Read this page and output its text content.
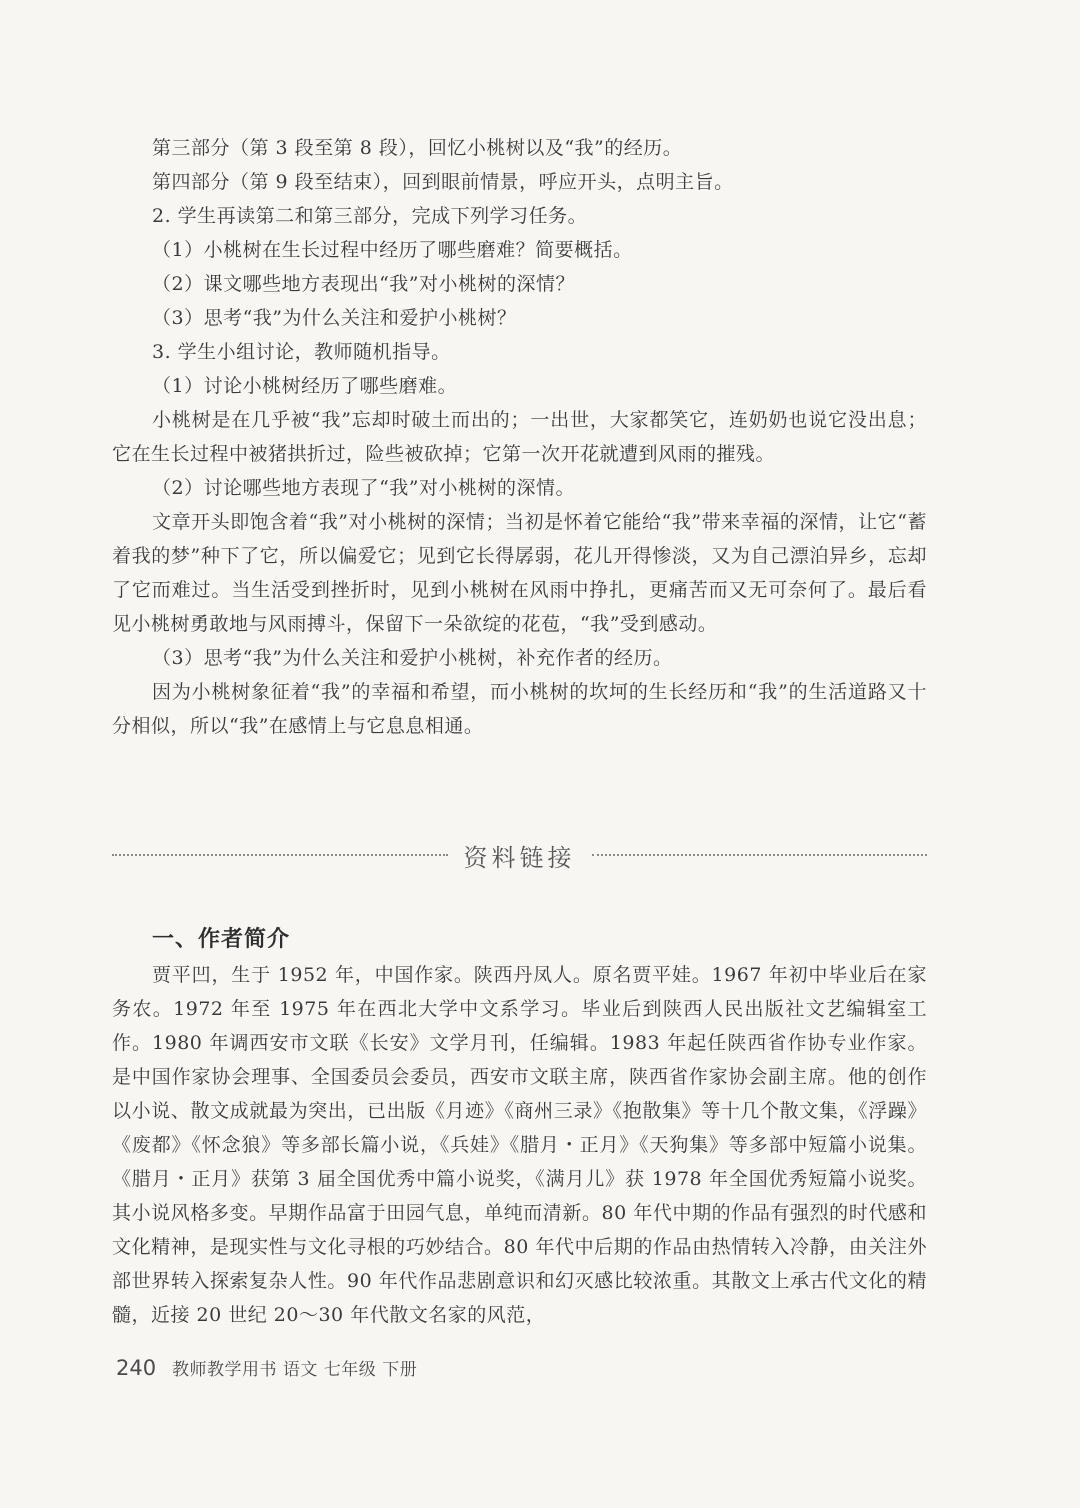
第三部分（第 3 段至第 8 段），回忆小桃树以及“我”的经历。

第四部分（第 9 段至结束），回到眼前情景，呼应开头，点明主旨。

2. 学生再读第二和第三部分，完成下列学习任务。

（1）小桃树在生长过程中经历了哪些磨难？简要概括。

（2）课文哪些地方表现出“我”对小桃树的深情？

（3）思考“我”为什么关注和爱护小桃树？

3. 学生小组讨论，教师随机指导。

（1）讨论小桃树经历了哪些磨难。

小桃树是在几乎被“我”忘却时破土而出的；一出世，大家都笑它，连奶奶也说它没出息；它在生长过程中被猪拱折过，险些被砍掉；它第一次开花就遭到风雨的摧残。

（2）讨论哪些地方表现了“我”对小桃树的深情。

文章开头即饱含着“我”对小桃树的深情；当初是怀着它能给“我”带来幸福的深情，让它“蓄着我的梦”种下了它，所以偏爱它；见到它长得孱弱，花儿开得惨淡，又为自己漂泊异乡，忘却了它而难过。当生活受到挫折时，见到小桃树在风雨中挣扎，更痛苦而又无可奈何了。最后看见小桃树勇敢地与风雨搏斗，保留下一朵欲绽的花苞，“我”受到感动。

（3）思考“我”为什么关注和爱护小桃树，补充作者的经历。

因为小桃树象征着“我”的幸福和希望，而小桃树的坎坷的生长经历和“我”的生活道路又十分相似，所以“我”在感情上与它息息相通。

资料链接
一、作者简介

贾平凹，生于 1952 年，中国作家。陕西丹凤人。原名贾平娃。1967 年初中毕业后在家务农。1972 年至 1975 年在西北大学中文系学习。毕业后到陕西人民出版社文艺编辑室工作。1980 年调西安市文联《长安》文学月刊，任编辑。1983 年起任陕西省作协专业作家。是中国作家协会理事、全国委员会委员，西安市文联主席，陕西省作家协会副主席。他的创作以小说、散文成就最为突出，已出版《月迹》《商州三录》《抱散集》等十几个散文集，《浮躁》《废都》《怀念狼》等多部长篇小说，《兵娃》《腊月・正月》《天狗集》等多部中短篇小说集。《腊月・正月》获第 3 届全国优秀中篇小说奖，《满月儿》获 1978 年全国优秀短篇小说奖。其小说风格多变。早期作品富于田园气息，单纯而清新。80 年代中期的作品有强烈的时代感和文化精神，是现实性与文化寻根的巧妙结合。80 年代中后期的作品由热情转入冷静，由关注外部世界转入探索复杂人性。90 年代作品悲剧意识和幻灭感比较浓重。其散文上承古代文化的精髓，近接 20 世纪 20～30 年代散文名家的风范，

240 教师教学用书 语文 七年级 下册
